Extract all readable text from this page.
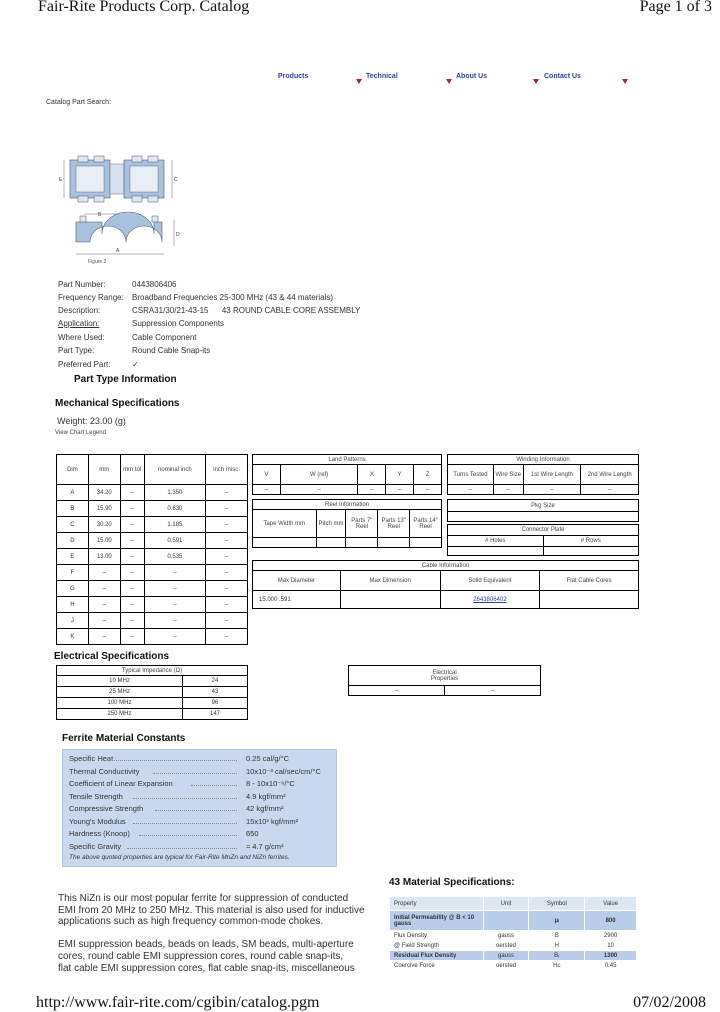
Fair-Rite Products Corp. Catalog	Page 1 of 3
Products	Technical	About Us	Contact Us
Catalog Part Search:
E	C
B
A
D
Figure 3
Part Number:	0443806406
Frequency Range: Broadband Frequencies 25-300 MHz (43 & 44 materials)
Description:	CSRA31/30/21-43-15      43 ROUND CABLE CORE ASSEMBLY
Application:	Suppression Components
Where Used:	Cable Component
Part Type:	Round Cable Snap-its
Preferred Part:	✓
Part Type Information
Mechanical Specifications
Weight: 23.00 (g)
View Chart Legend
Dim	mm	mm tol	nominal inch	inch misc.
A	34.20	–	1.350	–
B	15.90	–	0.630	–
C	30.20	–	1.185	–
D	15.00	–	0.591	–
E	13.00	–	0.535	–
F	–	–	–	–
G	–	–	–	–
H	–	–	–	–
J	–	–	–	–
K	–	–	–	–
Land Patterns				
V	W (ref)	X	Y	Z
–	–	–	–	–
Winding Information			
Turns Tested	Wire Size	1st Wire Length	2nd Wire Length
–	–	–	–
Reel Information				
Tape Width mm	Pitch mm	Parts 7" Reel	Parts 13" Reel	Parts 14" Reel

Pkg Size

Connector Plate	
# Holes	# Rows

Cable Information			
Max Diameter	Max Dimension	Solid Equivalent	Flat Cable Cores
15.000 .591		2643806402	
Electrical Specifications
Typical Impedance (Ω)	
10 MHz	24
25 MHz	43
100 MHz	96
250 MHz	147
Electrical Properties
–	–
Ferrite Material Constants
Specific Heat	0.25 cal/g/°C
Thermal Conductivity	10x10⁻³ cal/sec/cm/°C
Coefficient of Linear Expansion	8 - 10x10⁻⁶/°C
Tensile Strength	4.9 kgf/mm²
Compressive Strength	42 kgf/mm²
Young's Modulus	15x10³ kgf/mm²
Hardness (Knoop)	650
Specific Gravity	≈ 4.7 g/cm³
The above quoted properties are typical for Fair-Rite MnZn and NiZn ferrites.
This NiZn is our most popular ferrite for suppression of conducted
EMI from 20 MHz to 250 MHz. This material is also used for inductive
applications such as high frequency common-mode chokes.
EMI suppression beads, beads on leads, SM beads, multi-aperture
cores, round cable EMI suppression cores, round cable snap-its,
flat cable EMI suppression cores, flat cable snap-its, miscellaneous
43 Material Specifications:
Property	Unit	Symbol	Value
Initial Permeability @ B < 10 gauss		μᵢ	800
Flux Density	gauss	B	2900
@ Field Strength	oersted	H	10
Residual Flux Density	gauss	Bᵣ	1300
Coercive Force	oersted	Hc	0.45
http://www.fair-rite.com/cgibin/catalog.pgm	07/02/2008
